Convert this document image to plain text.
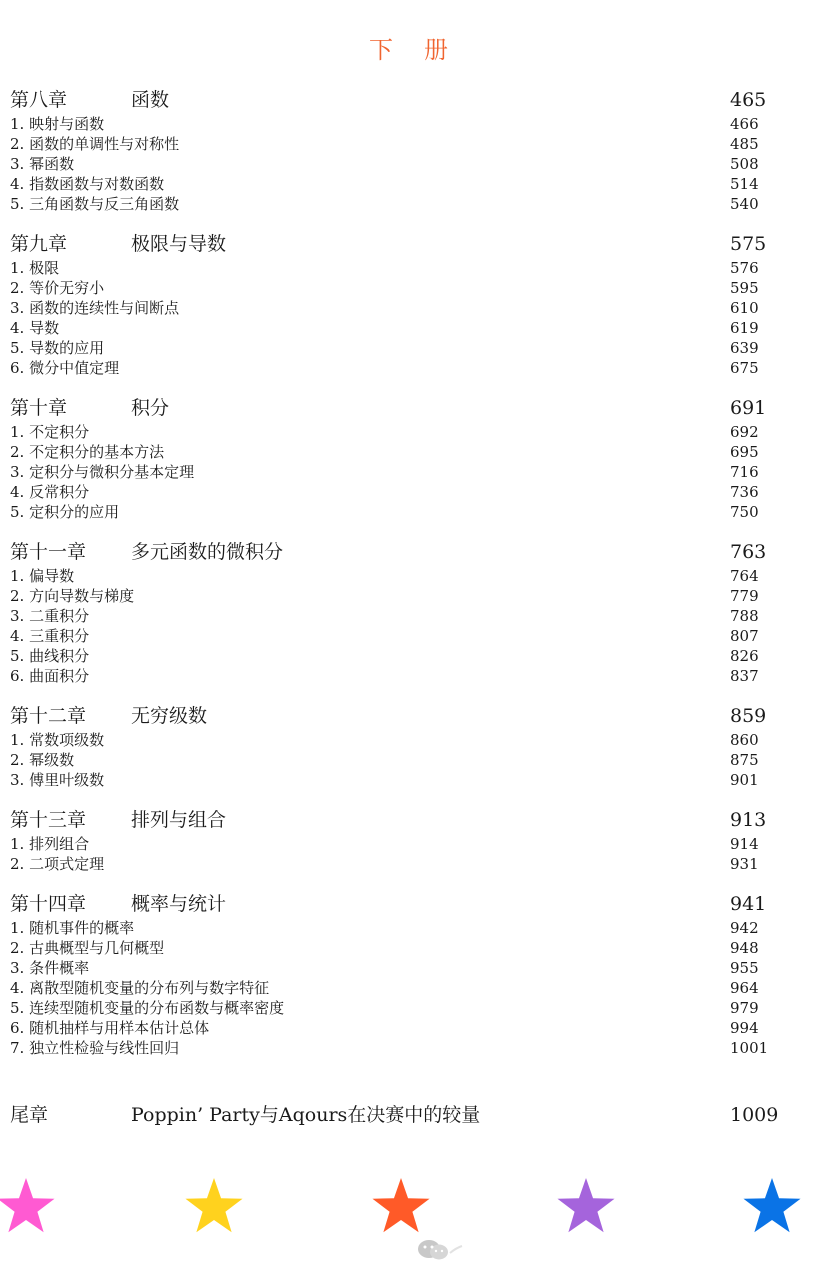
下 册
第八章	函数	465
1. 映射与函数	466
2. 函数的单调性与对称性	485
3. 幂函数	508
4. 指数函数与对数函数	514
5. 三角函数与反三角函数	540
第九章	极限与导数	575
1. 极限	576
2. 等价无穷小	595
3. 函数的连续性与间断点	610
4. 导数	619
5. 导数的应用	639
6. 微分中值定理	675
第十章	积分	691
1. 不定积分	692
2. 不定积分的基本方法	695
3. 定积分与微积分基本定理	716
4. 反常积分	736
5. 定积分的应用	750
第十一章 多元函数的微积分	763
1. 偏导数	764
2. 方向导数与梯度	779
3. 二重积分	788
4. 三重积分	807
5. 曲线积分	826
6. 曲面积分	837
第十二章 无穷级数	859
1. 常数项级数	860
2. 幂级数	875
3. 傅里叶级数	901
第十三章 排列与组合	913
1. 排列组合	914
2. 二项式定理	931
第十四章 概率与统计	941
1. 随机事件的概率	942
2. 古典概型与几何概型	948
3. 条件概率	955
4. 离散型随机变量的分布列与数字特征	964
5. 连续型随机变量的分布函数与概率密度	979
6. 随机抽样与用样本估计总体	994
7. 独立性检验与线性回归	1001
尾章	Poppin’ Party与Aqours在决赛中的较量	1009
